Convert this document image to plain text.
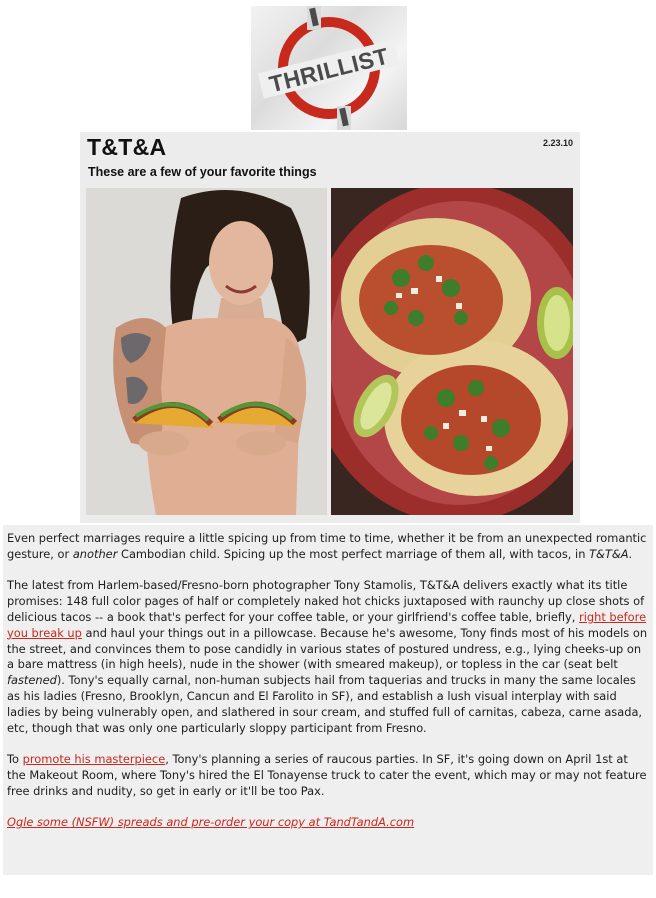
THRILLIST
T&T&A	2.23.10
These are a few of your favorite things

Even perfect marriages require a little spicing up from time to time, whether it be from an unexpected romantic gesture, or another Cambodian child. Spicing up the most perfect marriage of them all, with tacos, in T&T&A.

The latest from Harlem-based/Fresno-born photographer Tony Stamolis, T&T&A delivers exactly what its title promises: 148 full color pages of half or completely naked hot chicks juxtaposed with raunchy up close shots of delicious tacos -- a book that's perfect for your coffee table, or your girlfriend's coffee table, briefly, right before you break up and haul your things out in a pillowcase. Because he's awesome, Tony finds most of his models on the street, and convinces them to pose candidly in various states of postured undress, e.g., lying cheeks-up on a bare mattress (in high heels), nude in the shower (with smeared makeup), or topless in the car (seat belt fastened). Tony's equally carnal, non-human subjects hail from taquerias and trucks in many the same locales as his ladies (Fresno, Brooklyn, Cancun and El Farolito in SF), and establish a lush visual interplay with said ladies by being vulnerably open, and slathered in sour cream, and stuffed full of carnitas, cabeza, carne asada, etc, though that was only one particularly sloppy participant from Fresno.

To promote his masterpiece, Tony's planning a series of raucous parties. In SF, it's going down on April 1st at the Makeout Room, where Tony's hired the El Tonayense truck to cater the event, which may or may not feature free drinks and nudity, so get in early or it'll be too Pax.

Ogle some (NSFW) spreads and pre-order your copy at TandTandA.com
